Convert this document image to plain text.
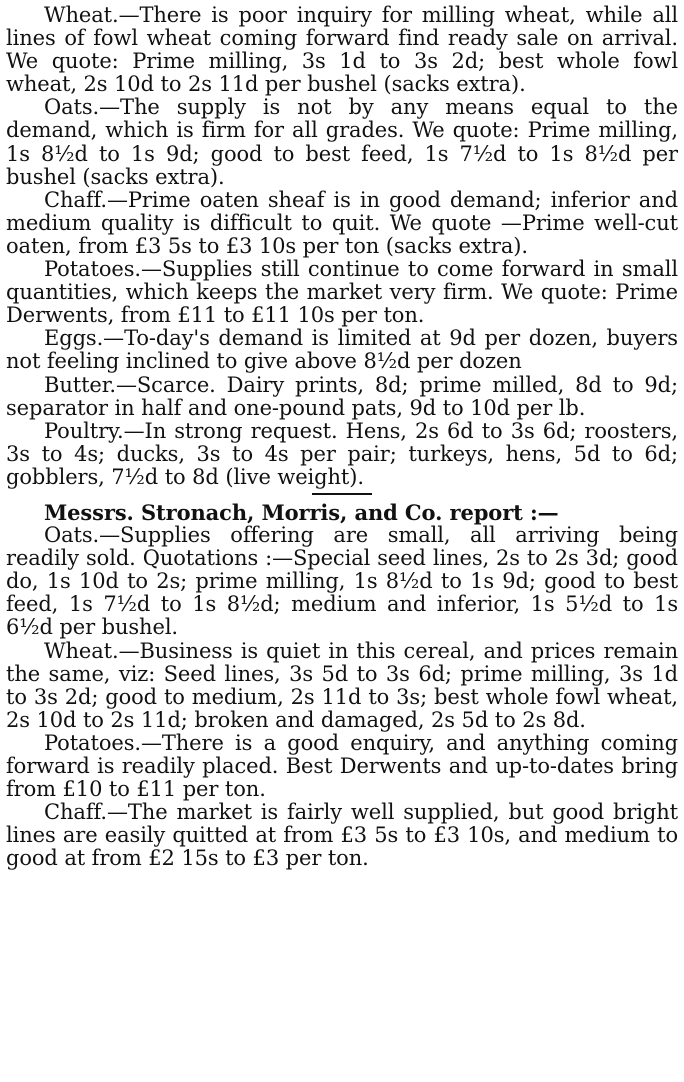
Wheat.—There is poor inquiry for milling wheat, while all lines of fowl wheat coming forward find ready sale on arrival. We quote: Prime milling, 3s 1d to 3s 2d; best whole fowl wheat, 2s 10d to 2s 11d per bushel (sacks extra).

Oats.—The supply is not by any means equal to the demand, which is firm for all grades. We quote: Prime milling, 1s 8½d to 1s 9d; good to best feed, 1s 7½d to 1s 8½d per bushel (sacks extra).

Chaff.—Prime oaten sheaf is in good demand; inferior and medium quality is difficult to quit. We quote —Prime well-cut oaten, from £3 5s to £3 10s per ton (sacks extra).

Potatoes.—Supplies still continue to come forward in small quantities, which keeps the market very firm. We quote: Prime Derwents, from £11 to £11 10s per ton.

Eggs.—To-day's demand is limited at 9d per dozen, buyers not feeling inclined to give above 8½d per dozen

Butter.—Scarce. Dairy prints, 8d; prime milled, 8d to 9d; separator in half and one-pound pats, 9d to 10d per lb.

Poultry.—In strong request. Hens, 2s 6d to 3s 6d; roosters, 3s to 4s; ducks, 3s to 4s per pair; turkeys, hens, 5d to 6d; gobblers, 7½d to 8d (live weight).

Messrs. Stronach, Morris, and Co. report :—

Oats.—Supplies offering are small, all arriving being readily sold. Quotations :—Special seed lines, 2s to 2s 3d; good do, 1s 10d to 2s; prime milling, 1s 8½d to 1s 9d; good to best feed, 1s 7½d to 1s 8½d; medium and inferior, 1s 5½d to 1s 6½d per bushel.

Wheat.—Business is quiet in this cereal, and prices remain the same, viz: Seed lines, 3s 5d to 3s 6d; prime milling, 3s 1d to 3s 2d; good to medium, 2s 11d to 3s; best whole fowl wheat, 2s 10d to 2s 11d; broken and damaged, 2s 5d to 2s 8d.

Potatoes.—There is a good enquiry, and anything coming forward is readily placed. Best Derwents and up-to-dates bring from £10 to £11 per ton.

Chaff.—The market is fairly well supplied, but good bright lines are easily quitted at from £3 5s to £3 10s, and medium to good at from £2 15s to £3 per ton.
